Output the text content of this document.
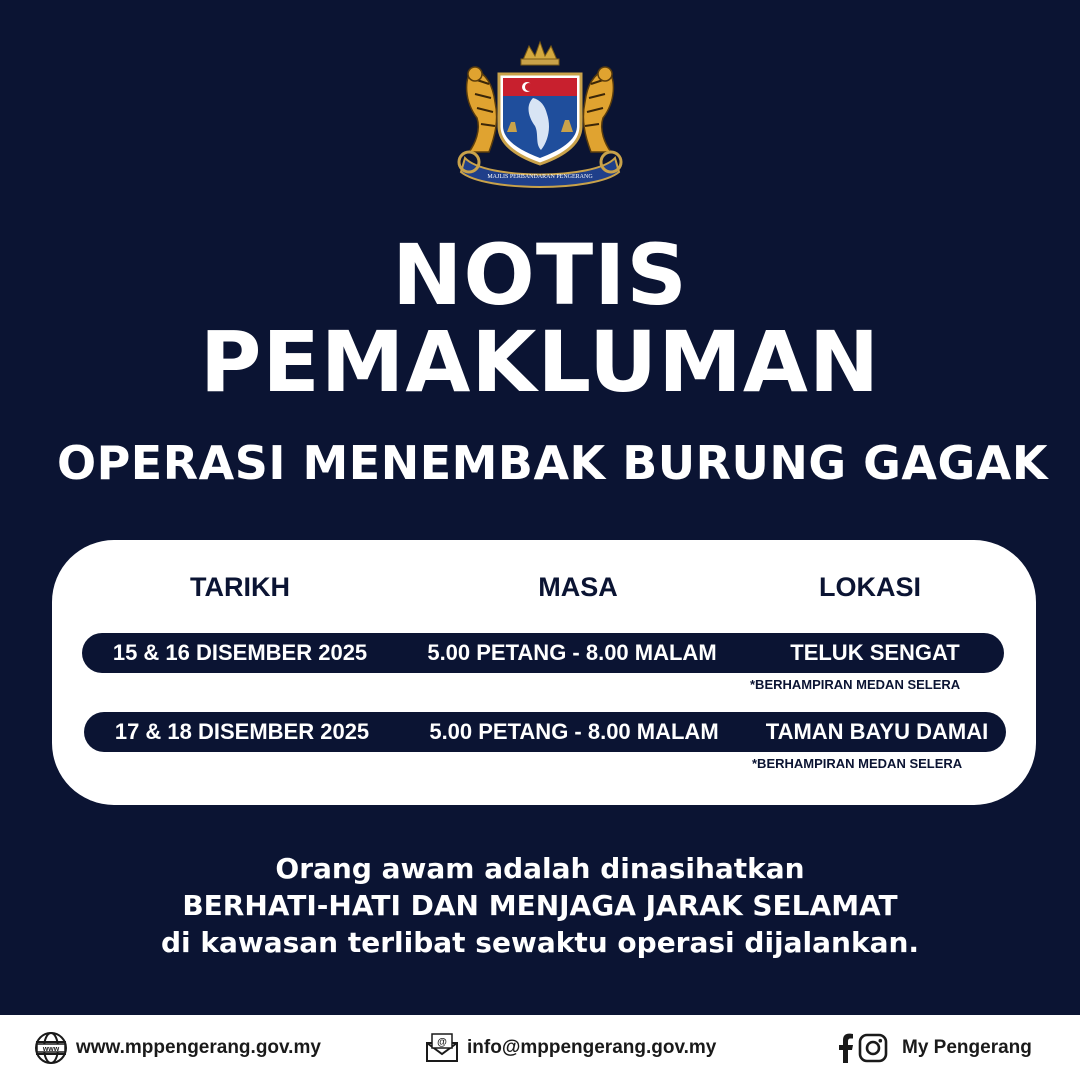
MAJLIS PERBANDARAN PENGERANG
NOTIS
PEMAKLUMAN
OPERASI MENEMBAK BURUNG GAGAK
TARIKH	MASA	LOKASI
15 & 16 DISEMBER 2025	5.00 PETANG - 8.00 MALAM	TELUK SENGAT
*BERHAMPIRAN MEDAN SELERA
17 & 18 DISEMBER 2025	5.00 PETANG - 8.00 MALAM	TAMAN BAYU DAMAI
*BERHAMPIRAN MEDAN SELERA
Orang awam adalah dinasihatkan
BERHATI-HATI DAN MENJAGA JARAK SELAMAT
di kawasan terlibat sewaktu operasi dijalankan.
www www.mppengerang.gov.my	@ info@mppengerang.gov.my	My Pengerang
